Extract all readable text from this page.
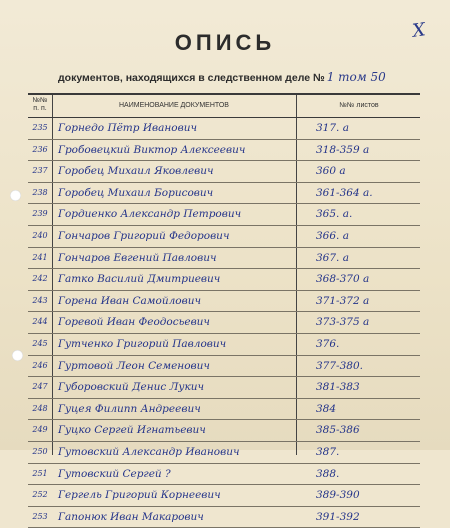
X
ОПИСЬ
документов, находящихся в следственном деле № 1 том 50
№№ п. п.	НАИМЕНОВАНИЕ ДОКУМЕНТОВ	№№ листов
235 Горнедо Пётр Иванович	317. а
236 Гробовецкий Виктор Алексеевич	318-359 а
237 Горобец Михаил Яковлевич	360 а
238 Горобец Михаил Борисович	361-364 а.
239 Гордиенко Александр Петрович	365. а.
240 Гончаров Григорий Федорович	366. а
241 Гончаров Евгений Павлович	367. а
242 Гатко Василий Дмитриевич	368-370 а
243 Горена Иван Самойлович	371-372 а
244 Горевой Иван Феодосьевич	373-375 а
245 Гутченко Григорий Павлович	376.
246 Гуртовой Леон Семенович	377-380.
247 Губоровский Денис Лукич	381-383
248 Гуцея Филипп Андреевич	384
249 Гуцко Сергей Игнатьевич	385-386
250 Гутовский Александр Иванович	387.
251 Гутовский Сергей ?	388.
252 Гергель Григорий Корнеевич	389-390
253 Гапонюк Иван Макарович	391-392
